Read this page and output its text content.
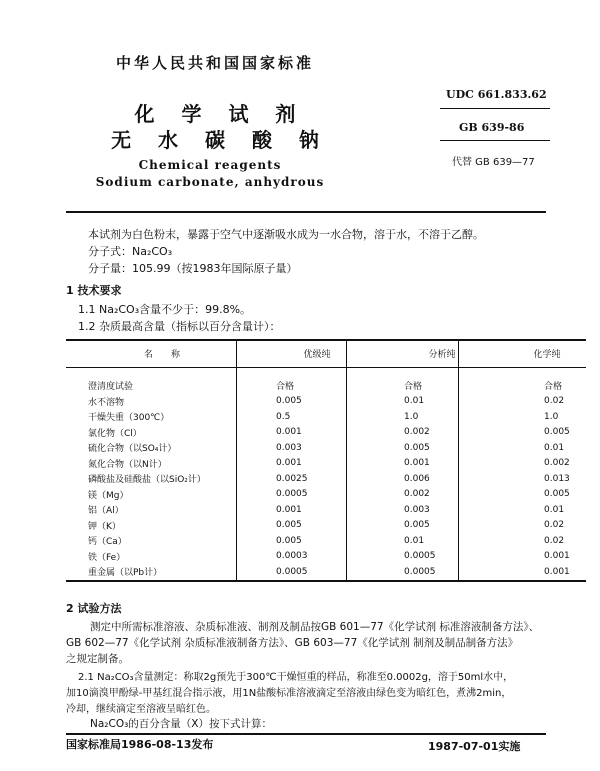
中华人民共和国国家标准
UDC 661.833.62
GB 639-86
代替 GB 639—77
化 学 试 剂
无 水 碳 酸 钠
Chemical reagents
Sodium carbonate, anhydrous
本试剂为白色粉末，暴露于空气中逐渐吸水成为一水合物，溶于水，不溶于乙醇。
分子式：Na₂CO₃
分子量：105.99（按1983年国际原子量）
1 技术要求
1.1 Na₂CO₃含量不少于：99.8%。
1.2 杂质最高含量（指标以百分含量计）：
名　　称	优级纯	分析纯	化学纯

澄清度试验	合格	合格	合格
水不溶物	0.005	0.01	0.02
干燥失重（300℃）	0.5	1.0	1.0
氯化物（Cl）	0.001	0.002	0.005
硫化合物（以SO₄计）	0.003	0.005	0.01
氮化合物（以N计）	0.001	0.001	0.002
磷酸盐及硅酸盐（以SiO₂计）	0.0025	0.006	0.013
镁（Mg）	0.0005	0.002	0.005
铝（Al）	0.001	0.003	0.01
钾（K）	0.005	0.005	0.02
钙（Ca）	0.005	0.01	0.02
铁（Fe）	0.0003	0.0005	0.001
重金属（以Pb计）	0.0005	0.0005	0.001
2 试验方法
测定中所需标准溶液、杂质标准液、制剂及制品按GB 601—77《化学试剂 标准溶液制备方法》、
GB 602—77《化学试剂 杂质标准液制备方法》、GB 603—77《化学试剂 制剂及制品制备方法》
之规定制备。
2.1 Na₂CO₃含量测定：称取2g预先于300℃干燥恒重的样品，称准至0.0002g，溶于50ml水中，
加10滴溴甲酚绿-甲基红混合指示液，用1N盐酸标准溶液滴定至溶液由绿色变为暗红色，煮沸2min，
冷却，继续滴定至溶液呈暗红色。
Na₂CO₃的百分含量（X）按下式计算：
国家标准局1986-08-13发布	1987-07-01实施
